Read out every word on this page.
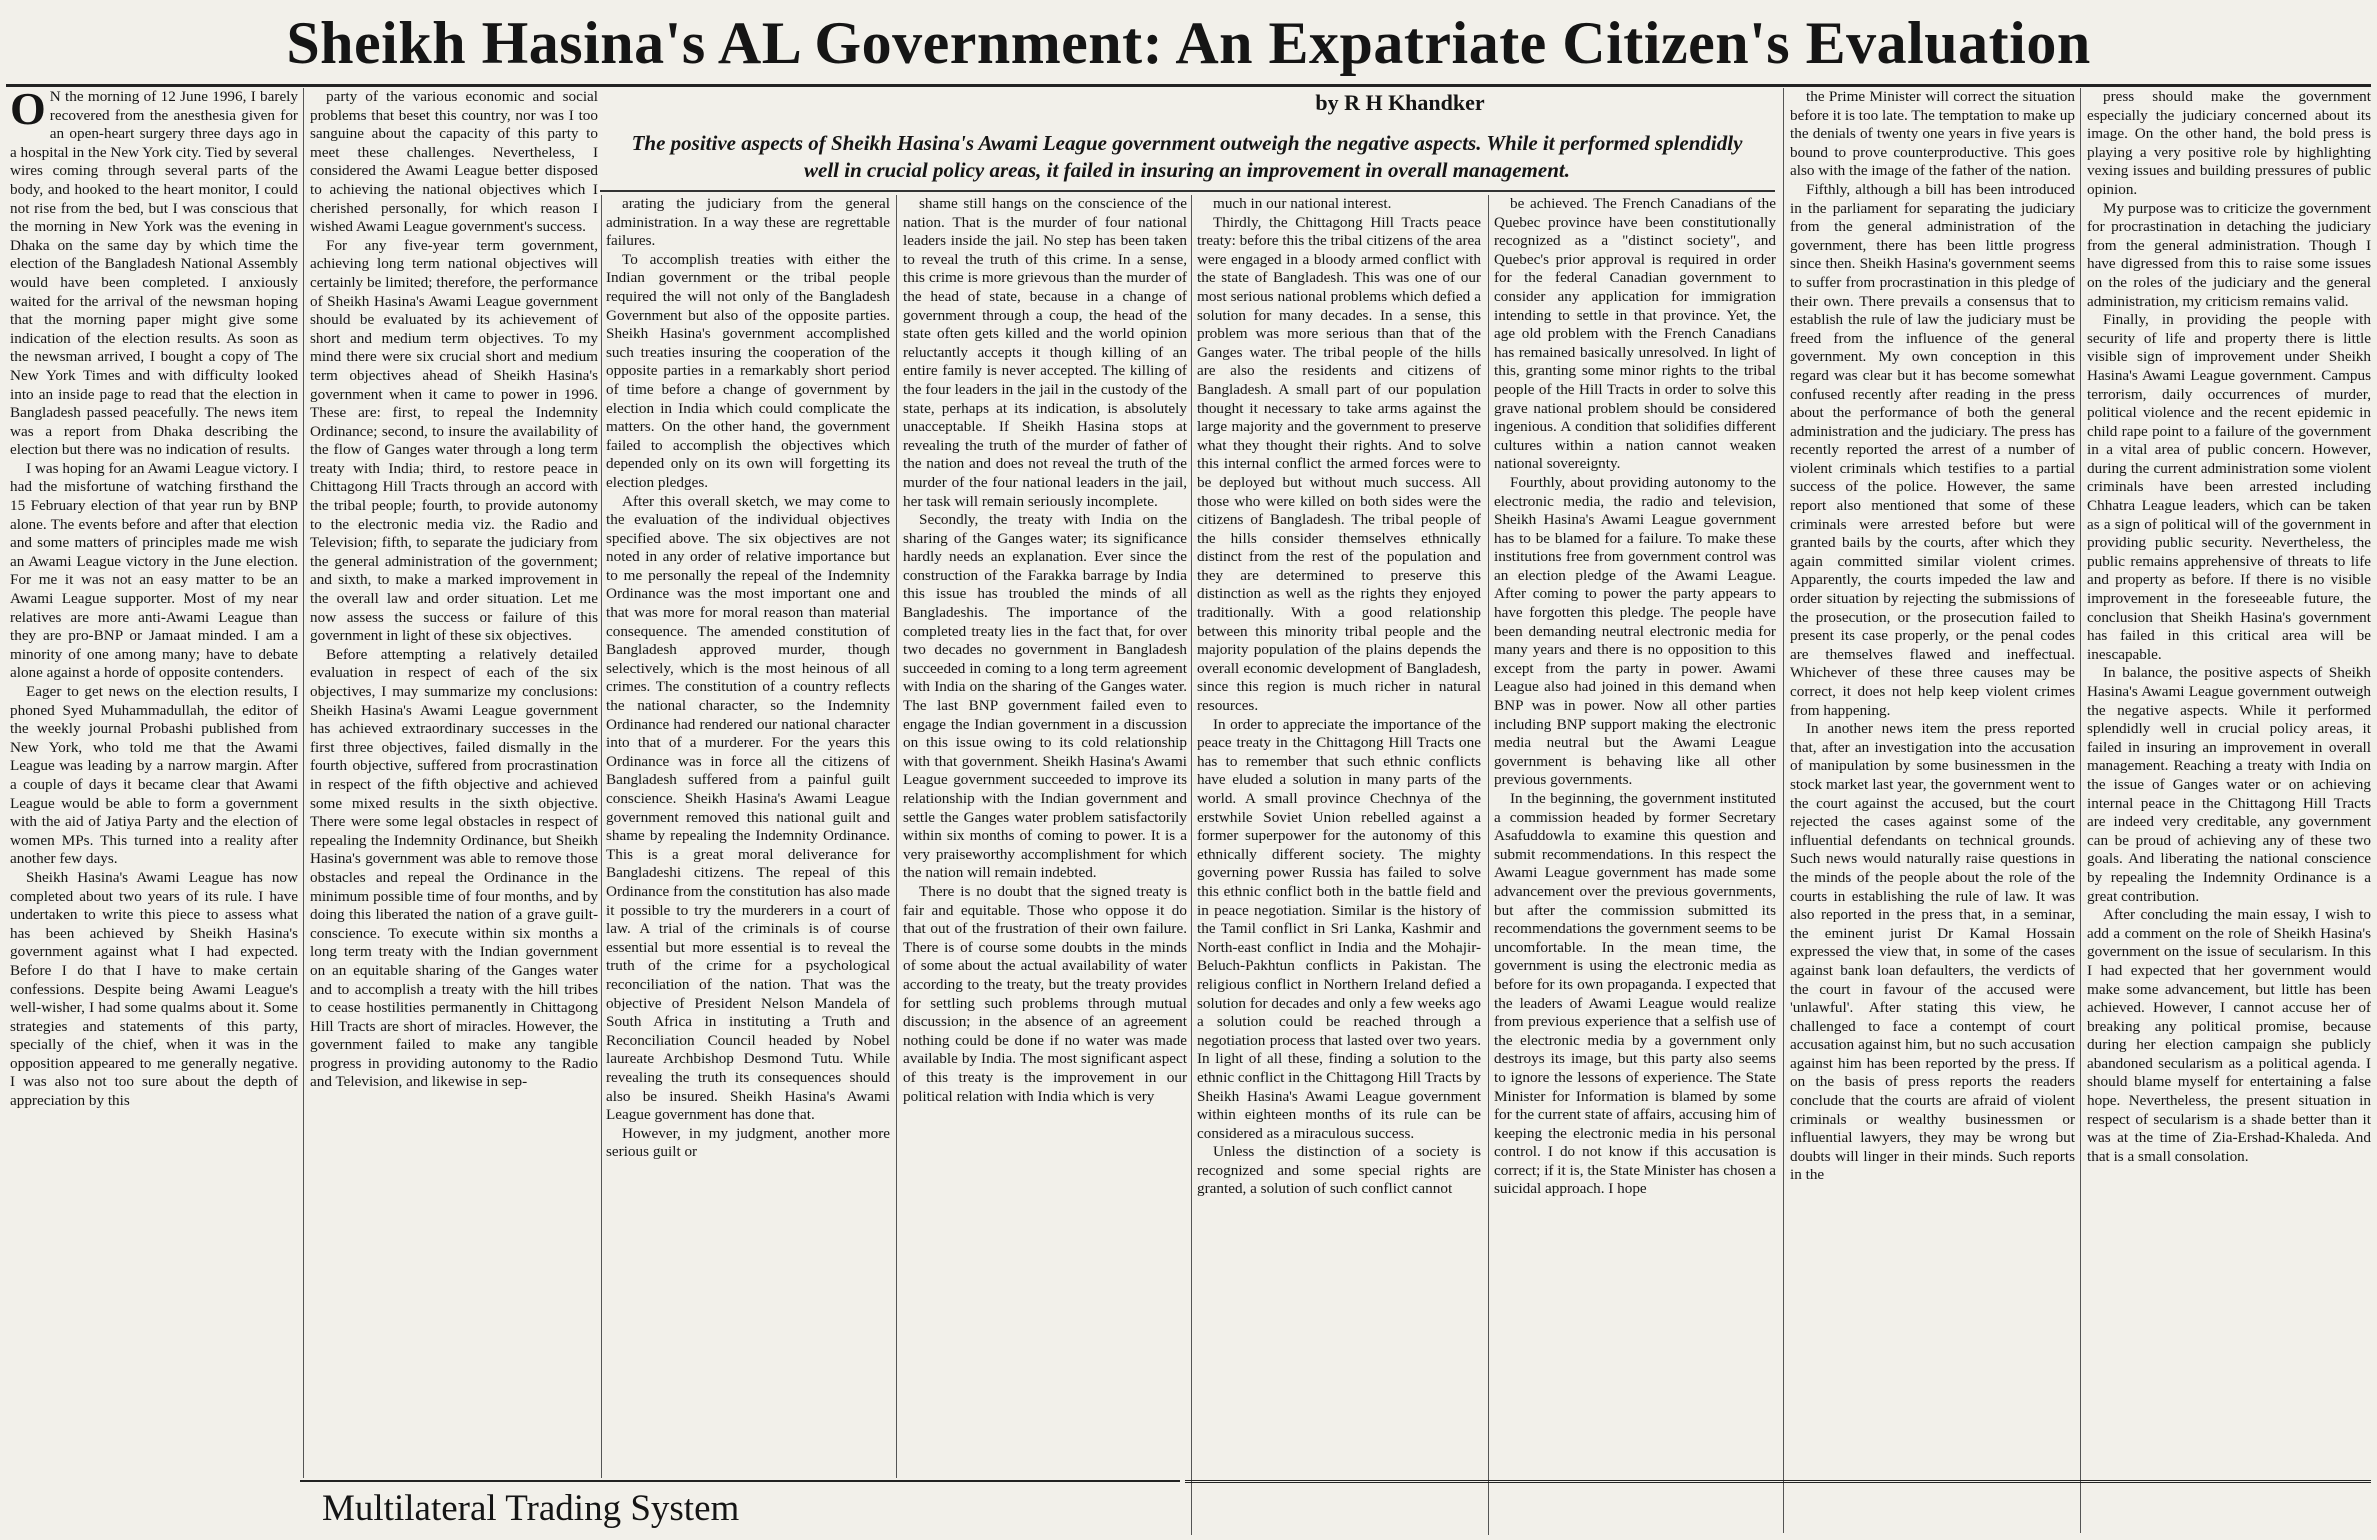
Sheikh Hasina's AL Government: An Expatriate Citizen's Evaluation
by R H Khandker
The positive aspects of Sheikh Hasina's Awami League government outweigh the negative aspects. While it performed splendidly well in crucial policy areas, it failed in insuring an improvement in overall management.

O N the morning of 12 June 1996, I barely recovered from the anesthesia given for an open-heart surgery three days ago in a hospital in the New York city. Tied by several wires coming through several parts of the body, and hooked to the heart monitor, I could not rise from the bed, but I was conscious that the morning in New York was the evening in Dhaka on the same day by which time the election of the Bangladesh National Assembly would have been completed. I anxiously waited for the arrival of the newsman hoping that the morning paper might give some indication of the election results. As soon as the newsman arrived, I bought a copy of The New York Times and with difficulty looked into an inside page to read that the election in Bangladesh passed peacefully. The news item was a report from Dhaka describing the election but there was no indication of results.

I was hoping for an Awami League victory. I had the misfortune of watching firsthand the 15 February election of that year run by BNP alone. The events before and after that election and some matters of principles made me wish an Awami League victory in the June election. For me it was not an easy matter to be an Awami League supporter. Most of my near relatives are more anti-Awami League than they are pro-BNP or Jamaat minded. I am a minority of one among many; have to debate alone against a horde of opposite contenders.

Eager to get news on the election results, I phoned Syed Muhammadullah, the editor of the weekly journal Probashi published from New York, who told me that the Awami League was leading by a narrow margin. After a couple of days it became clear that Awami League would be able to form a government with the aid of Jatiya Party and the election of women MPs. This turned into a reality after another few days.

Sheikh Hasina's Awami League has now completed about two years of its rule. I have undertaken to write this piece to assess what has been achieved by Sheikh Hasina's government against what I had expected. Before I do that I have to make certain confessions. Despite being Awami League's well-wisher, I had some qualms about it. Some strategies and statements of this party, specially of the chief, when it was in the opposition appeared to me generally negative. I was also not too sure about the depth of appreciation by this

party of the various economic and social problems that beset this country, nor was I too sanguine about the capacity of this party to meet these challenges. Nevertheless, I considered the Awami League better disposed to achieving the national objectives which I cherished personally, for which reason I wished Awami League government's success.

For any five-year term government, achieving long term national objectives will certainly be limited; therefore, the performance of Sheikh Hasina's Awami League government should be evaluated by its achievement of short and medium term objectives. To my mind there were six crucial short and medium term objectives ahead of Sheikh Hasina's government when it came to power in 1996. These are: first, to repeal the Indemnity Ordinance; second, to insure the availability of the flow of Ganges water through a long term treaty with India; third, to restore peace in Chittagong Hill Tracts through an accord with the tribal people; fourth, to provide autonomy to the electronic media viz. the Radio and Television; fifth, to separate the judiciary from the general administration of the government; and sixth, to make a marked improvement in the overall law and order situation. Let me now assess the success or failure of this government in light of these six objectives.

Before attempting a relatively detailed evaluation in respect of each of the six objectives, I may summarize my conclusions: Sheikh Hasina's Awami League government has achieved extraordinary successes in the first three objectives, failed dismally in the fourth objective, suffered from procrastination in respect of the fifth objective and achieved some mixed results in the sixth objective. There were some legal obstacles in respect of repealing the Indemnity Ordinance, but Sheikh Hasina's government was able to remove those obstacles and repeal the Ordinance in the minimum possible time of four months, and by doing this liberated the nation of a grave guilt-conscience. To execute within six months a long term treaty with the Indian government on an equitable sharing of the Ganges water and to accomplish a treaty with the hill tribes to cease hostilities permanently in Chittagong Hill Tracts are short of miracles. However, the government failed to make any tangible progress in providing autonomy to the Radio and Television, and likewise in sep-

arating the judiciary from the general administration. In a way these are regrettable failures.

To accomplish treaties with either the Indian government or the tribal people required the will not only of the Bangladesh Government but also of the opposite parties. Sheikh Hasina's government accomplished such treaties insuring the cooperation of the opposite parties in a remarkably short period of time before a change of government by election in India which could complicate the matters. On the other hand, the government failed to accomplish the objectives which depended only on its own will forgetting its election pledges.

After this overall sketch, we may come to the evaluation of the individual objectives specified above. The six objectives are not noted in any order of relative importance but to me personally the repeal of the Indemnity Ordinance was the most important one and that was more for moral reason than material consequence. The amended constitution of Bangladesh approved murder, though selectively, which is the most heinous of all crimes. The constitution of a country reflects the national character, so the Indemnity Ordinance had rendered our national character into that of a murderer. For the years this Ordinance was in force all the citizens of Bangladesh suffered from a painful guilt conscience. Sheikh Hasina's Awami League government removed this national guilt and shame by repealing the Indemnity Ordinance. This is a great moral deliverance for Bangladeshi citizens. The repeal of this Ordinance from the constitution has also made it possible to try the murderers in a court of law. A trial of the criminals is of course essential but more essential is to reveal the truth of the crime for a psychological reconciliation of the nation. That was the objective of President Nelson Mandela of South Africa in instituting a Truth and Reconciliation Council headed by Nobel laureate Archbishop Desmond Tutu. While revealing the truth its consequences should also be insured. Sheikh Hasina's Awami League government has done that.

However, in my judgment, another more serious guilt or

shame still hangs on the conscience of the nation. That is the murder of four national leaders inside the jail. No step has been taken to reveal the truth of this crime. In a sense, this crime is more grievous than the murder of the head of state, because in a change of government through a coup, the head of the state often gets killed and the world opinion reluctantly accepts it though killing of an entire family is never accepted. The killing of the four leaders in the jail in the custody of the state, perhaps at its indication, is absolutely unacceptable. If Sheikh Hasina stops at revealing the truth of the murder of father of the nation and does not reveal the truth of the murder of the four national leaders in the jail, her task will remain seriously incomplete.

Secondly, the treaty with India on the sharing of the Ganges water; its significance hardly needs an explanation. Ever since the construction of the Farakka barrage by India this issue has troubled the minds of all Bangladeshis. The importance of the completed treaty lies in the fact that, for over two decades no government in Bangladesh succeeded in coming to a long term agreement with India on the sharing of the Ganges water. The last BNP government failed even to engage the Indian government in a discussion on this issue owing to its cold relationship with that government. Sheikh Hasina's Awami League government succeeded to improve its relationship with the Indian government and settle the Ganges water problem satisfactorily within six months of coming to power. It is a very praiseworthy accomplishment for which the nation will remain indebted.

There is no doubt that the signed treaty is fair and equitable. Those who oppose it do that out of the frustration of their own failure. There is of course some doubts in the minds of some about the actual availability of water according to the treaty, but the treaty provides for settling such problems through mutual discussion; in the absence of an agreement nothing could be done if no water was made available by India. The most significant aspect of this treaty is the improvement in our political relation with India which is very

much in our national interest.

Thirdly, the Chittagong Hill Tracts peace treaty: before this the tribal citizens of the area were engaged in a bloody armed conflict with the state of Bangladesh. This was one of our most serious national problems which defied a solution for many decades. In a sense, this problem was more serious than that of the Ganges water. The tribal people of the hills are also the residents and citizens of Bangladesh. A small part of our population thought it necessary to take arms against the large majority and the government to preserve what they thought their rights. And to solve this internal conflict the armed forces were to be deployed but without much success. All those who were killed on both sides were the citizens of Bangladesh. The tribal people of the hills consider themselves ethnically distinct from the rest of the population and they are determined to preserve this distinction as well as the rights they enjoyed traditionally. With a good relationship between this minority tribal people and the majority population of the plains depends the overall economic development of Bangladesh, since this region is much richer in natural resources.

In order to appreciate the importance of the peace treaty in the Chittagong Hill Tracts one has to remember that such ethnic conflicts have eluded a solution in many parts of the world. A small province Chechnya of the erstwhile Soviet Union rebelled against a former superpower for the autonomy of this ethnically different society. The mighty governing power Russia has failed to solve this ethnic conflict both in the battle field and in peace negotiation. Similar is the history of the Tamil conflict in Sri Lanka, Kashmir and North-east conflict in India and the Mohajir-Beluch-Pakhtun conflicts in Pakistan. The religious conflict in Northern Ireland defied a solution for decades and only a few weeks ago a solution could be reached through a negotiation process that lasted over two years. In light of all these, finding a solution to the ethnic conflict in the Chittagong Hill Tracts by Sheikh Hasina's Awami League government within eighteen months of its rule can be considered as a miraculous success.

Unless the distinction of a society is recognized and some special rights are granted, a solution of such conflict cannot

be achieved. The French Canadians of the Quebec province have been constitutionally recognized as a "distinct society", and Quebec's prior approval is required in order for the federal Canadian government to consider any application for immigration intending to settle in that province. Yet, the age old problem with the French Canadians has remained basically unresolved. In light of this, granting some minor rights to the tribal people of the Hill Tracts in order to solve this grave national problem should be considered ingenious. A condition that solidifies different cultures within a nation cannot weaken national sovereignty.

Fourthly, about providing autonomy to the electronic media, the radio and television, Sheikh Hasina's Awami League government has to be blamed for a failure. To make these institutions free from government control was an election pledge of the Awami League. After coming to power the party appears to have forgotten this pledge. The people have been demanding neutral electronic media for many years and there is no opposition to this except from the party in power. Awami League also had joined in this demand when BNP was in power. Now all other parties including BNP support making the electronic media neutral but the Awami League government is behaving like all other previous governments.

In the beginning, the government instituted a commission headed by former Secretary Asafuddowla to examine this question and submit recommendations. In this respect the Awami League government has made some advancement over the previous governments, but after the commission submitted its recommendations the government seems to be uncomfortable. In the mean time, the government is using the electronic media as before for its own propaganda. I expected that the leaders of Awami League would realize from previous experience that a selfish use of the electronic media by a government only destroys its image, but this party also seems to ignore the lessons of experience. The State Minister for Information is blamed by some for the current state of affairs, accusing him of keeping the electronic media in his personal control. I do not know if this accusation is correct; if it is, the State Minister has chosen a suicidal approach. I hope

the Prime Minister will correct the situation before it is too late. The temptation to make up the denials of twenty one years in five years is bound to prove counterproductive. This goes also with the image of the father of the nation.

Fifthly, although a bill has been introduced in the parliament for separating the judiciary from the general administration of the government, there has been little progress since then. Sheikh Hasina's government seems to suffer from procrastination in this pledge of their own. There prevails a consensus that to establish the rule of law the judiciary must be freed from the influence of the general government. My own conception in this regard was clear but it has become somewhat confused recently after reading in the press about the performance of both the general administration and the judiciary. The press has recently reported the arrest of a number of violent criminals which testifies to a partial success of the police. However, the same report also mentioned that some of these criminals were arrested before but were granted bails by the courts, after which they again committed similar violent crimes. Apparently, the courts impeded the law and order situation by rejecting the submissions of the prosecution, or the prosecution failed to present its case properly, or the penal codes are themselves flawed and ineffectual. Whichever of these three causes may be correct, it does not help keep violent crimes from happening.

In another news item the press reported that, after an investigation into the accusation of manipulation by some businessmen in the stock market last year, the government went to the court against the accused, but the court rejected the cases against some of the influential defendants on technical grounds. Such news would naturally raise questions in the minds of the people about the role of the courts in establishing the rule of law. It was also reported in the press that, in a seminar, the eminent jurist Dr Kamal Hossain expressed the view that, in some of the cases against bank loan defaulters, the verdicts of the court in favour of the accused were 'unlawful'. After stating this view, he challenged to face a contempt of court accusation against him, but no such accusation against him has been reported by the press. If on the basis of press reports the readers conclude that the courts are afraid of violent criminals or wealthy businessmen or influential lawyers, they may be wrong but doubts will linger in their minds. Such reports in the

press should make the government especially the judiciary concerned about its image. On the other hand, the bold press is playing a very positive role by highlighting vexing issues and building pressures of public opinion.

My purpose was to criticize the government for procrastination in detaching the judiciary from the general administration. Though I have digressed from this to raise some issues on the roles of the judiciary and the general administration, my criticism remains valid.

Finally, in providing the people with security of life and property there is little visible sign of improvement under Sheikh Hasina's Awami League government. Campus terrorism, daily occurrences of murder, political violence and the recent epidemic in child rape point to a failure of the government in a vital area of public concern. However, during the current administration some violent criminals have been arrested including Chhatra League leaders, which can be taken as a sign of political will of the government in providing public security. Nevertheless, the public remains apprehensive of threats to life and property as before. If there is no visible improvement in the foreseeable future, the conclusion that Sheikh Hasina's government has failed in this critical area will be inescapable.

In balance, the positive aspects of Sheikh Hasina's Awami League government outweigh the negative aspects. While it performed splendidly well in crucial policy areas, it failed in insuring an improvement in overall management. Reaching a treaty with India on the issue of Ganges water or on achieving internal peace in the Chittagong Hill Tracts are indeed very creditable, any government can be proud of achieving any of these two goals. And liberating the national conscience by repealing the Indemnity Ordinance is a great contribution.

After concluding the main essay, I wish to add a comment on the role of Sheikh Hasina's government on the issue of secularism. In this I had expected that her government would make some advancement, but little has been achieved. However, I cannot accuse her of breaking any political promise, because during her election campaign she publicly abandoned secularism as a political agenda. I should blame myself for entertaining a false hope. Nevertheless, the present situation in respect of secularism is a shade better than it was at the time of Zia-Ershad-Khaleda. And that is a small consolation.

Multilateral Trading System
